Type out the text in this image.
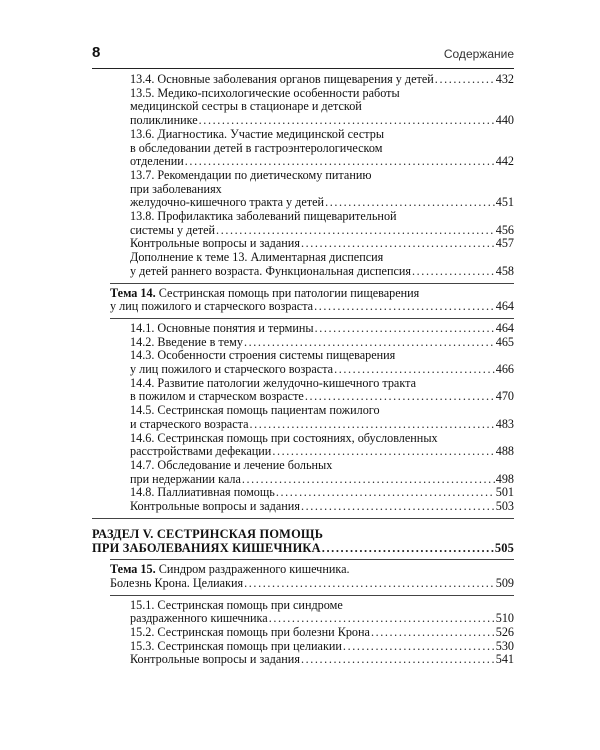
8	Содержание
13.4. Основные заболевания органов пищеварения у детей .....	432
13.5. Медико-психологические особенности работы
медицинской сестры в стационаре и детской
поликлинике .....	440
13.6. Диагностика. Участие медицинской сестры
в обследовании детей в гастроэнтерологическом
отделении .....	442
13.7. Рекомендации по диетическому питанию
при заболеваниях
желудочно-кишечного тракта у детей .....	451
13.8. Профилактика заболеваний пищеварительной
системы у детей .....	456
Контрольные вопросы и задания .....	457
Дополнение к теме 13. Алиментарная диспепсия
у детей раннего возраста. Функциональная диспепсия .....	458
Тема 14. Сестринская помощь при патологии пищеварения
у лиц пожилого и старческого возраста .....	464
14.1. Основные понятия и термины .....	464
14.2. Введение в тему .....	465
14.3. Особенности строения системы пищеварения
у лиц пожилого и старческого возраста .....	466
14.4. Развитие патологии желудочно-кишечного тракта
в пожилом и старческом возрасте .....	470
14.5. Сестринская помощь пациентам пожилого
и старческого возраста .....	483
14.6. Сестринская помощь при состояниях, обусловленных
расстройствами дефекации .....	488
14.7. Обследование и лечение больных
при недержании кала .....	498
14.8. Паллиативная помощь .....	501
Контрольные вопросы и задания .....	503
РАЗДЕЛ V. СЕСТРИНСКАЯ ПОМОЩЬ
ПРИ ЗАБОЛЕВАНИЯХ КИШЕЧНИКА .....	505
Тема 15. Синдром раздраженного кишечника.
Болезнь Крона. Целиакия .....	509
15.1. Сестринская помощь при синдроме
раздраженного кишечника .....	510
15.2. Сестринская помощь при болезни Крона .....	526
15.3. Сестринская помощь при целиакии .....	530
Контрольные вопросы и задания .....	541
